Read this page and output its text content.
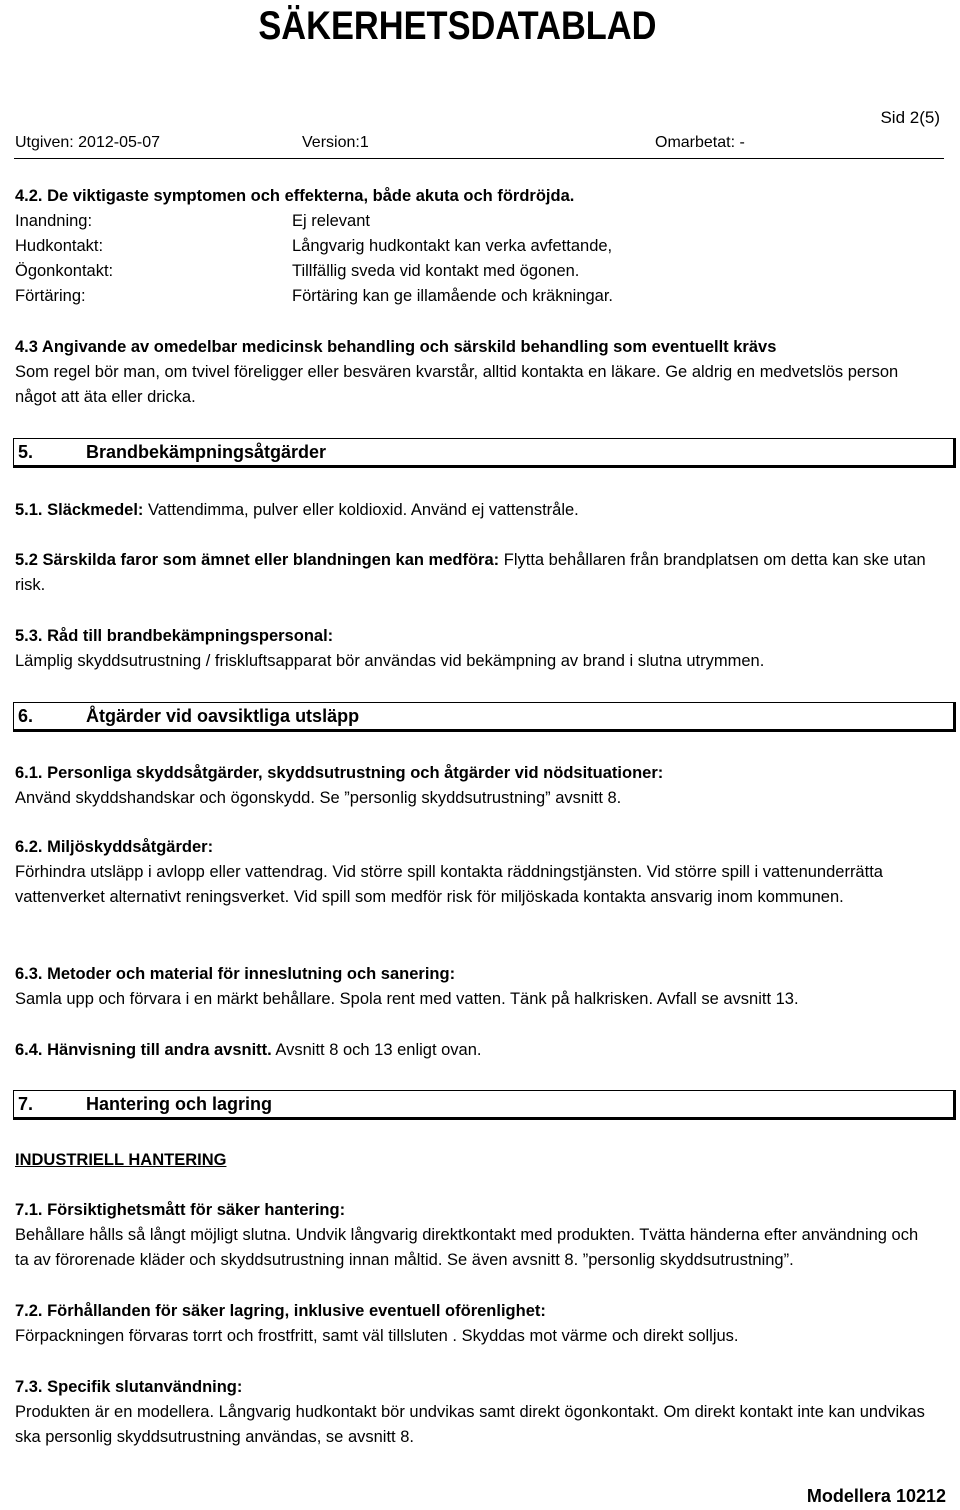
SÄKERHETSDATABLAD
Sid 2(5)
Utgiven: 2012-05-07	Version:1	Omarbetat: -
4.2. De viktigaste symptomen och effekterna, både akuta och fördröjda.
Inandning:	Ej relevant
Hudkontakt:	Långvarig hudkontakt kan verka avfettande,
Ögonkontakt:	Tillfällig sveda vid kontakt med ögonen.
Förtäring:	Förtäring kan ge illamående och kräkningar.
4.3 Angivande av omedelbar medicinsk behandling och särskild behandling som eventuellt krävs
Som regel bör man, om tvivel föreligger eller besvären kvarstår, alltid kontakta en läkare. Ge aldrig en medvetslös person något att äta eller dricka.
5.	Brandbekämpningsåtgärder
5.1. Släckmedel: Vattendimma, pulver eller koldioxid. Använd ej vattenstråle.
5.2 Särskilda faror som ämnet eller blandningen kan medföra: Flytta behållaren från brandplatsen om detta kan ske utan risk.
5.3. Råd till brandbekämpningspersonal:
Lämplig skyddsutrustning / friskluftsapparat bör användas vid bekämpning av brand i slutna utrymmen.
6.	Åtgärder vid oavsiktliga utsläpp
6.1. Personliga skyddsåtgärder, skyddsutrustning och åtgärder vid nödsituationer:
Använd skyddshandskar och ögonskydd. Se ”personlig skyddsutrustning” avsnitt 8.
6.2. Miljöskyddsåtgärder:
Förhindra utsläpp i avlopp eller vattendrag. Vid större spill kontakta räddningstjänsten. Vid större spill i vattenunderrätta vattenverket alternativt reningsverket. Vid spill som medför risk för miljöskada kontakta ansvarig inom kommunen.
6.3. Metoder och material för inneslutning och sanering:
Samla upp och förvara i en märkt behållare. Spola rent med vatten. Tänk på halkrisken. Avfall se avsnitt 13.
6.4. Hänvisning till andra avsnitt. Avsnitt 8 och 13 enligt ovan.
7.	Hantering och lagring
INDUSTRIELL HANTERING
7.1. Försiktighetsmått för säker hantering:
Behållare hålls så långt möjligt slutna. Undvik långvarig direktkontakt med produkten. Tvätta händerna efter användning och ta av förorenade kläder och skyddsutrustning innan måltid. Se även avsnitt 8. ”personlig skyddsutrustning”.
7.2. Förhållanden för säker lagring, inklusive eventuell oförenlighet:
Förpackningen förvaras torrt och frostfritt, samt väl tillsluten . Skyddas mot värme och direkt solljus.
7.3. Specifik slutanvändning:
Produkten är en modellera. Långvarig hudkontakt bör undvikas samt direkt ögonkontakt. Om direkt kontakt inte kan undvikas ska personlig skyddsutrustning användas, se avsnitt 8.
Modellera 10212
